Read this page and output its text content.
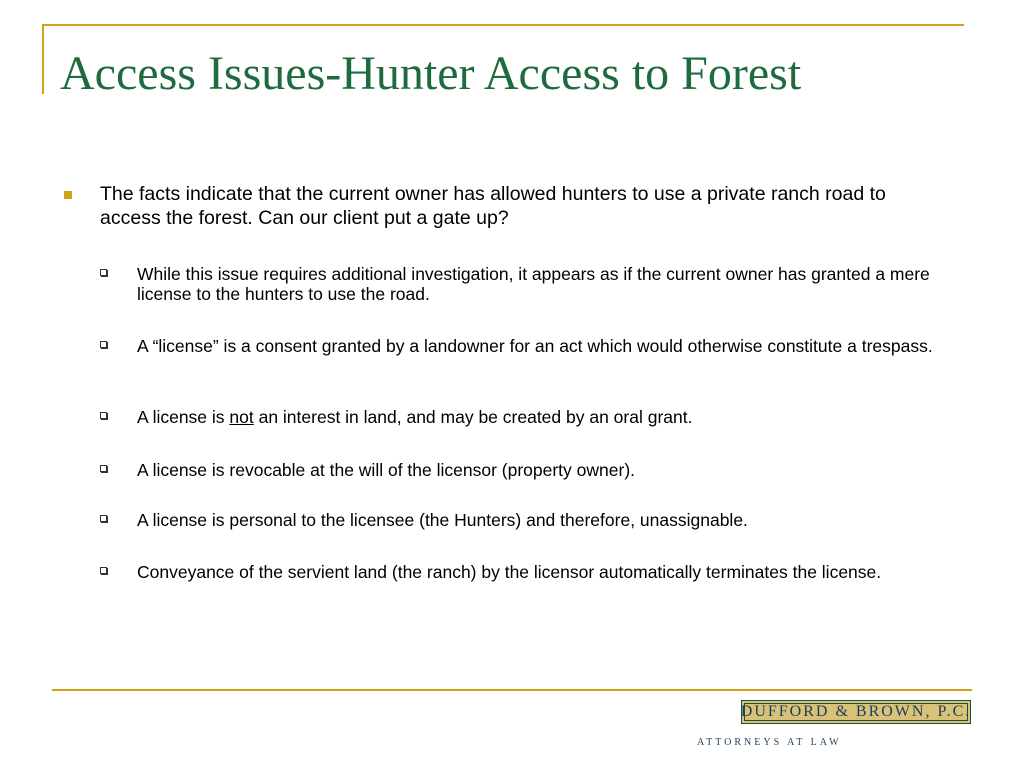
Access Issues-Hunter Access to Forest
The facts indicate that the current owner has allowed hunters to use a private ranch road to access the forest. Can our client put a gate up?
While this issue requires additional investigation, it appears as if the current owner has granted a mere license to the hunters to use the road.
A “license” is a consent granted by a landowner for an act which would otherwise constitute a trespass.
A license is not an interest in land, and may be created by an oral grant.
A license is revocable at the will of the licensor (property owner).
A license is personal to the licensee (the Hunters) and therefore, unassignable.
Conveyance of the servient land (the ranch) by the licensor automatically terminates the license.
DUFFORD & BROWN, P.C.
ATTORNEYS AT LAW
